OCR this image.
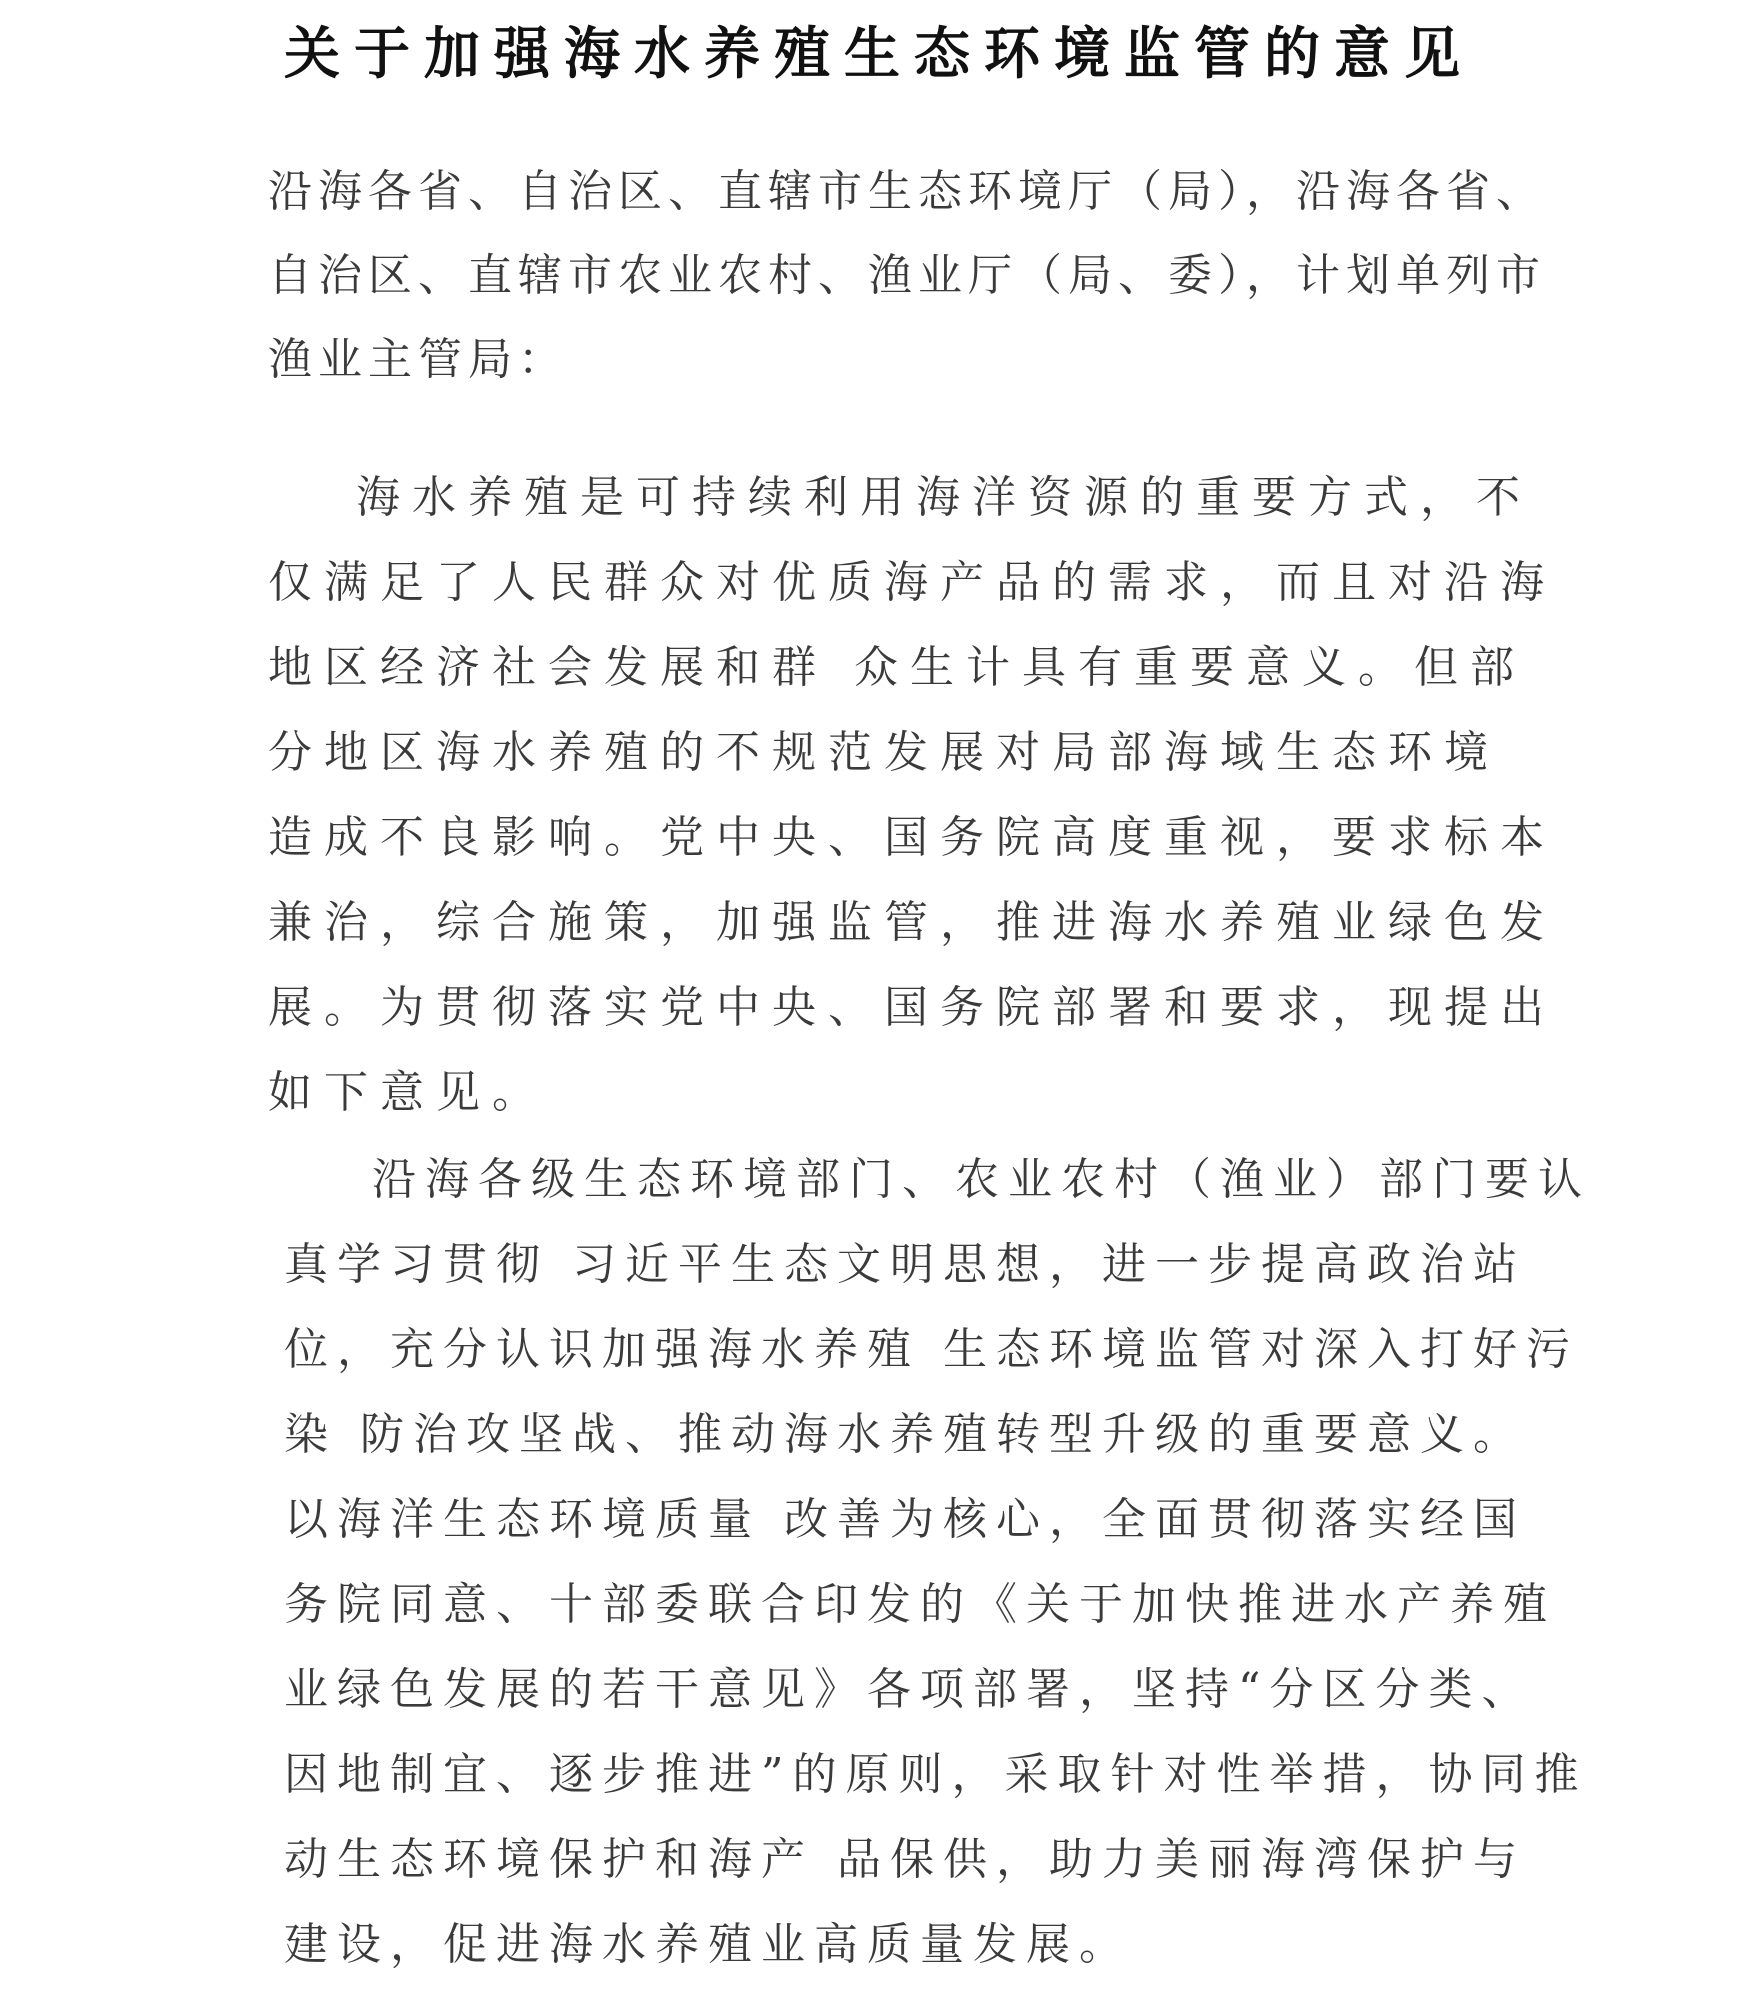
关于加强海水养殖生态环境监管的意见
沿海各省、自治区、直辖市生态环境厅（局），沿海各省、
自治区、直辖市农业农村、渔业厅（局、委），计划单列市
渔业主管局：
海水养殖是可持续利用海洋资源的重要方式，不
仅满足了人民群众对优质海产品的需求，而且对沿海
地区经济社会发展和群 众生计具有重要意义。但部
分地区海水养殖的不规范发展对局部海域生态环境
造成不良影响。党中央、国务院高度重视，要求标本
兼治，综合施策，加强监管，推进海水养殖业绿色发
展。为贯彻落实党中央、国务院部署和要求，现提出
如下意见。
沿海各级生态环境部门、农业农村（渔业）部门要认
真学习贯彻 习近平生态文明思想，进一步提高政治站
位，充分认识加强海水养殖 生态环境监管对深入打好污
染 防治攻坚战、推动海水养殖转型升级的重要意义。
以海洋生态环境质量 改善为核心，全面贯彻落实经国
务院同意、十部委联合印发的《关于加快推进水产养殖
业绿色发展的若干意见》各项部署，坚持“分区分类、
因地制宜、逐步推进”的原则，采取针对性举措，协同推
动生态环境保护和海产 品保供，助力美丽海湾保护与
建设，促进海水养殖业高质量发展。
